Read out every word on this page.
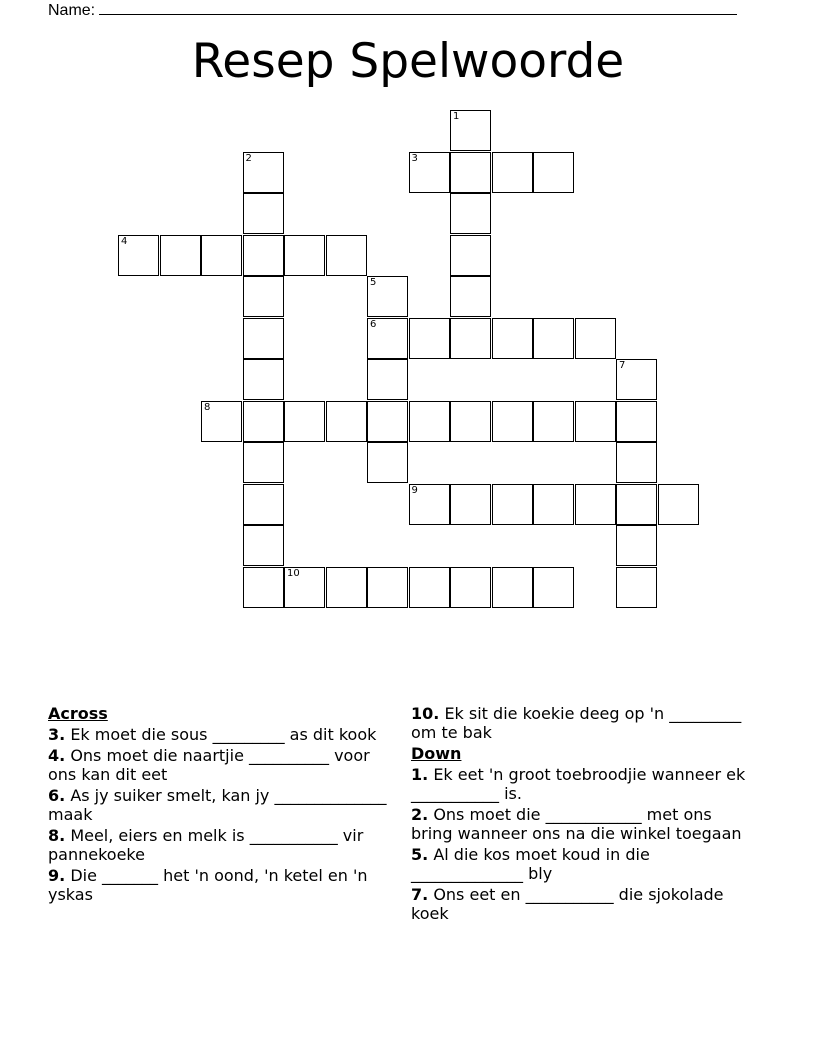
Name:
Resep Spelwoorde
1
2	3
4
5
6
7
8
9
10
Across
3. Ek moet die sous _________ as dit kook
4. Ons moet die naartjie __________ voor ons kan dit eet
6. As jy suiker smelt, kan jy ______________ maak
8. Meel, eiers en melk is ___________ vir pannekoeke
9. Die _______ het 'n oond, 'n ketel en 'n yskas
10. Ek sit die koekie deeg op 'n _________ om te bak
Down
1. Ek eet 'n groot toebroodjie wanneer ek ___________ is.
2. Ons moet die ____________ met ons bring wanneer ons na die winkel toegaan
5. Al die kos moet koud in die ______________ bly
7. Ons eet en ___________ die sjokolade koek
